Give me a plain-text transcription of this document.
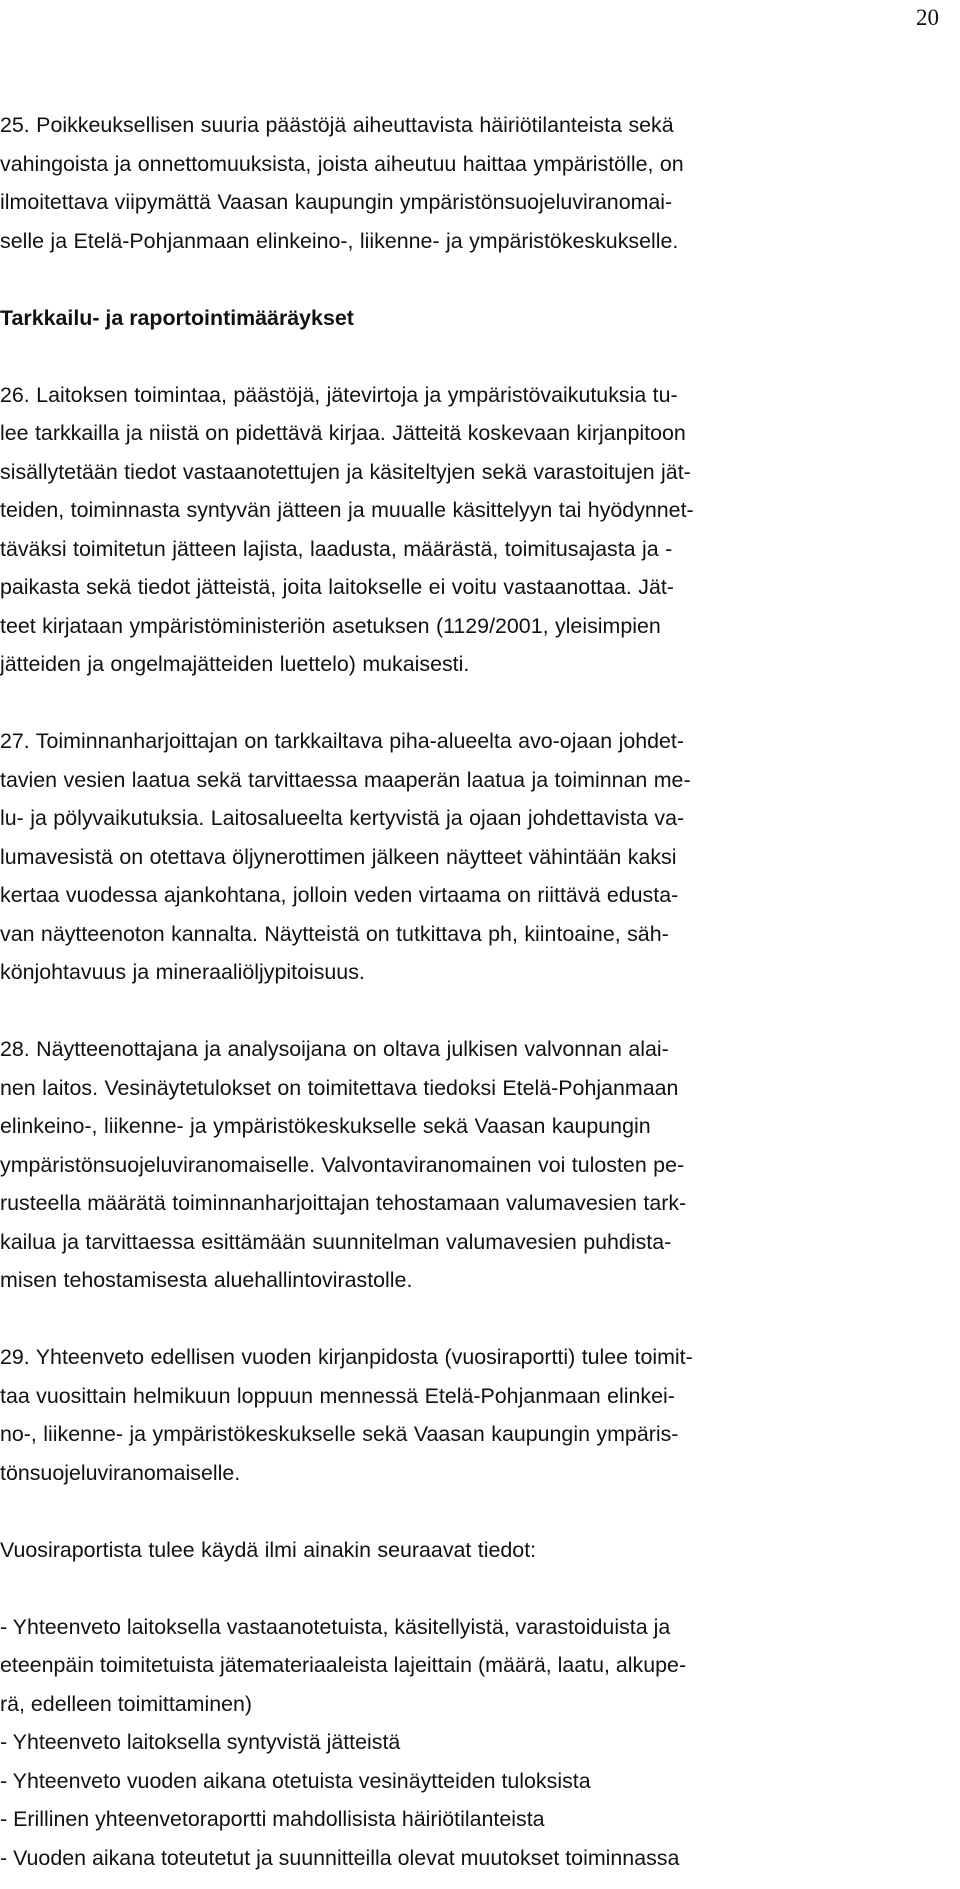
20
25. Poikkeuksellisen suuria päästöjä aiheuttavista häiriötilanteista sekä
vahingoista ja onnettomuuksista, joista aiheutuu haittaa ympäristölle, on
ilmoitettava viipymättä Vaasan kaupungin ympäristönsuojeluviranomai-
selle ja Etelä-Pohjanmaan elinkeino-, liikenne- ja ympäristökeskukselle.
Tarkkailu- ja raportointimääräykset
26. Laitoksen toimintaa, päästöjä, jätevirtoja ja ympäristövaikutuksia tu-
lee tarkkailla ja niistä on pidettävä kirjaa. Jätteitä koskevaan kirjanpitoon
sisällytetään tiedot vastaanotettujen ja käsiteltyjen sekä varastoitujen jät-
teiden, toiminnasta syntyvän jätteen ja muualle käsittelyyn tai hyödynnet-
täväksi toimitetun jätteen lajista, laadusta, määrästä, toimitusajasta ja -
paikasta sekä tiedot jätteistä, joita laitokselle ei voitu vastaanottaa. Jät-
teet kirjataan ympäristöministeriön asetuksen (1129/2001, yleisimpien
jätteiden ja ongelmajätteiden luettelo) mukaisesti.
27. Toiminnanharjoittajan on tarkkailtava piha-alueelta avo-ojaan johdet-
tavien vesien laatua sekä tarvittaessa maaperän laatua ja toiminnan me-
lu- ja pölyvaikutuksia. Laitosalueelta kertyvistä ja ojaan johdettavista va-
lumavesistä on otettava öljynerottimen jälkeen näytteet vähintään kaksi
kertaa vuodessa ajankohtana, jolloin veden virtaama on riittävä edusta-
van näytteenoton kannalta. Näytteistä on tutkittava ph, kiintoaine, säh-
könjohtavuus ja mineraaliöljypitoisuus.
28. Näytteenottajana ja analysoijana on oltava julkisen valvonnan alai-
nen laitos. Vesinäytetulokset on toimitettava tiedoksi Etelä-Pohjanmaan
elinkeino-, liikenne- ja ympäristökeskukselle sekä Vaasan kaupungin
ympäristönsuojeluviranomaiselle. Valvontaviranomainen voi tulosten pe-
rusteella määrätä toiminnanharjoittajan tehostamaan valumavesien tark-
kailua ja tarvittaessa esittämään suunnitelman valumavesien puhdista-
misen tehostamisesta aluehallintovirastolle.
29. Yhteenveto edellisen vuoden kirjanpidosta (vuosiraportti) tulee toimit-
taa vuosittain helmikuun loppuun mennessä Etelä-Pohjanmaan elinkei-
no-, liikenne- ja ympäristökeskukselle sekä Vaasan kaupungin ympäris-
tönsuojeluviranomaiselle.
Vuosiraportista tulee käydä ilmi ainakin seuraavat tiedot:
- Yhteenveto laitoksella vastaanotetuista, käsitellyistä, varastoiduista ja
eteenpäin toimitetuista jätemateriaaleista lajeittain (määrä, laatu, alkupe-
rä, edelleen toimittaminen)
- Yhteenveto laitoksella syntyvistä jätteistä
- Yhteenveto vuoden aikana otetuista vesinäytteiden tuloksista
- Erillinen yhteenvetoraportti mahdollisista häiriötilanteista
- Vuoden aikana toteutetut ja suunnitteilla olevat muutokset toiminnassa
